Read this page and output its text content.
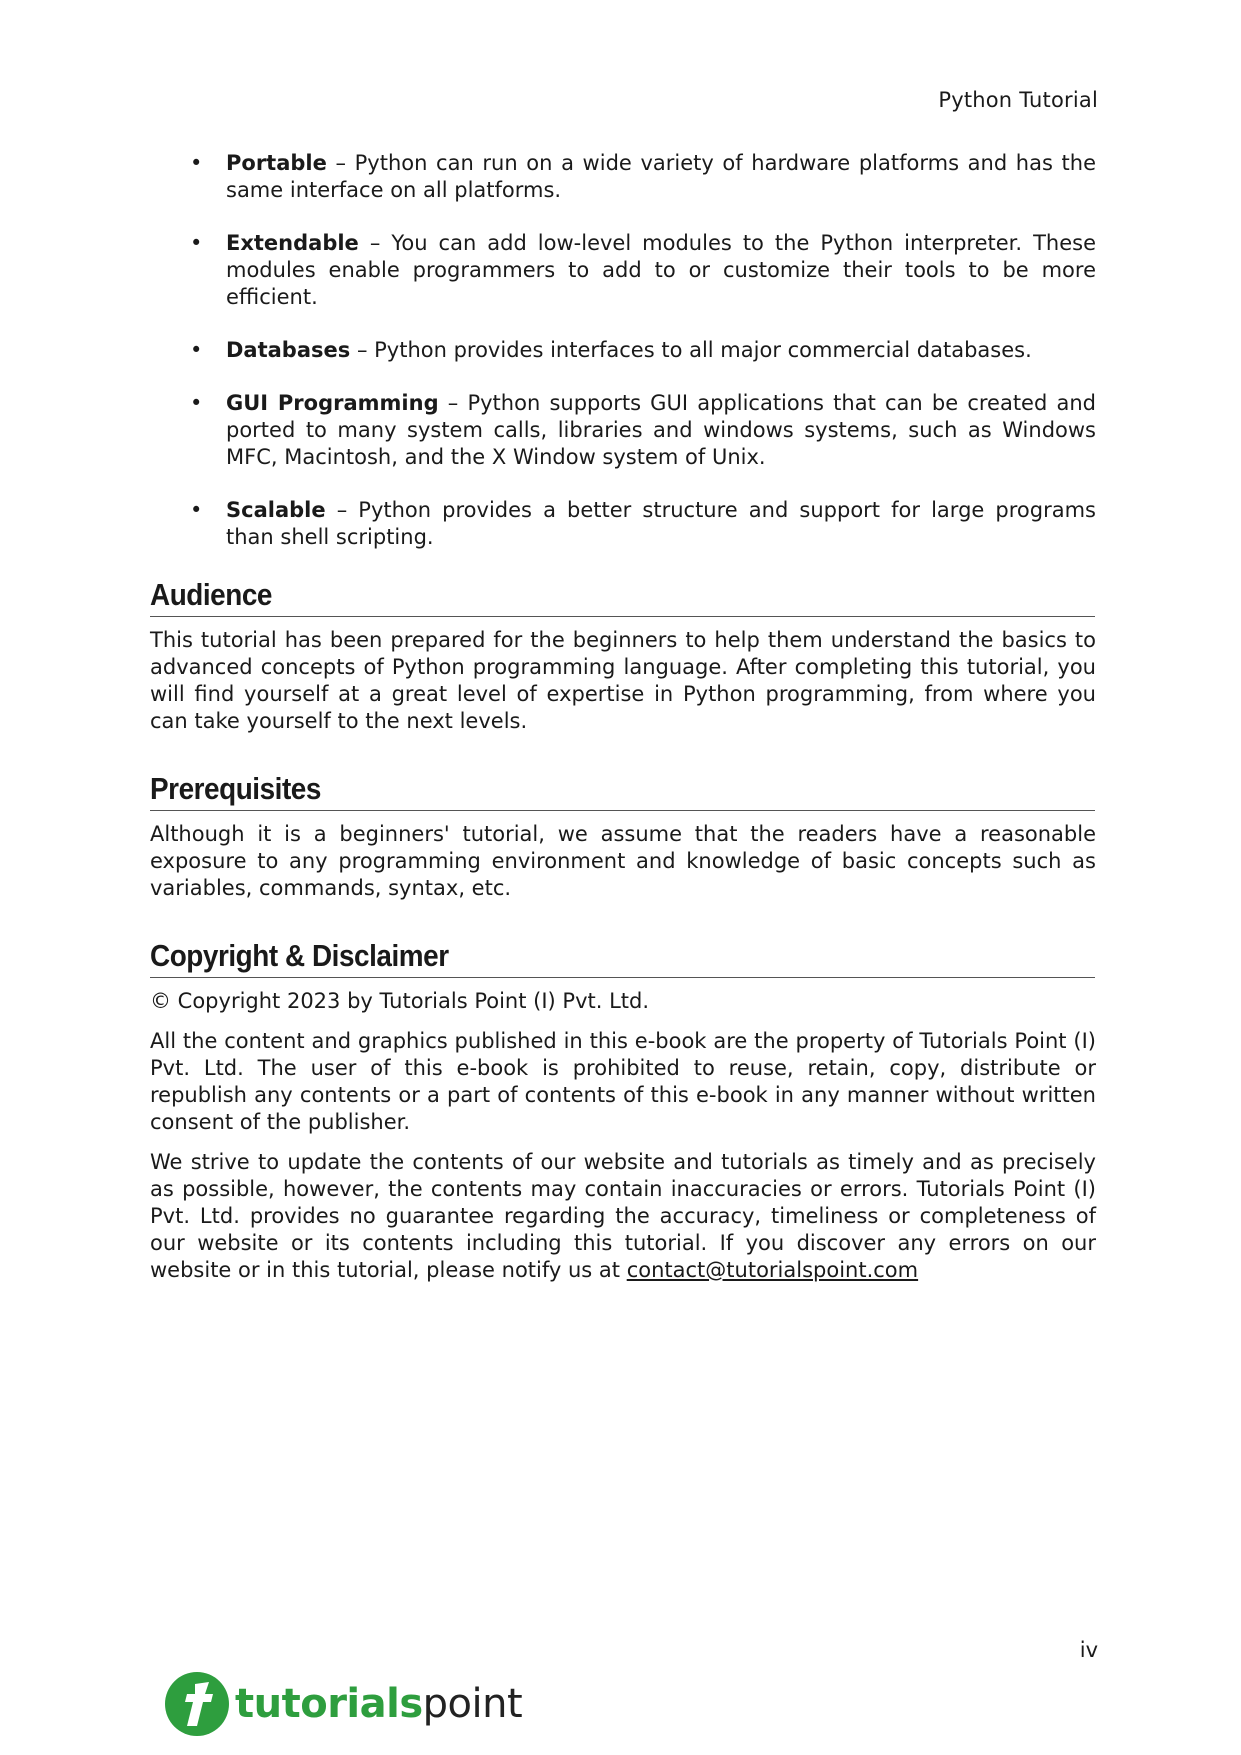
Python Tutorial
• Portable – Python can run on a wide variety of hardware platforms and has the same interface on all platforms.
• Extendable – You can add low-level modules to the Python interpreter. These modules enable programmers to add to or customize their tools to be more efficient.
• Databases – Python provides interfaces to all major commercial databases.
• GUI Programming – Python supports GUI applications that can be created and ported to many system calls, libraries and windows systems, such as Windows MFC, Macintosh, and the X Window system of Unix.
• Scalable – Python provides a better structure and support for large programs than shell scripting.
Audience

This tutorial has been prepared for the beginners to help them understand the basics to advanced concepts of Python programming language. After completing this tutorial, you will find yourself at a great level of expertise in Python programming, from where you can take yourself to the next levels.

Prerequisites

Although it is a beginners' tutorial, we assume that the readers have a reasonable exposure to any programming environment and knowledge of basic concepts such as variables, commands, syntax, etc.

Copyright & Disclaimer

© Copyright 2023 by Tutorials Point (I) Pvt. Ltd.

All the content and graphics published in this e-book are the property of Tutorials Point (I) Pvt. Ltd. The user of this e-book is prohibited to reuse, retain, copy, distribute or republish any contents or a part of contents of this e-book in any manner without written consent of the publisher.

We strive to update the contents of our website and tutorials as timely and as precisely as possible, however, the contents may contain inaccuracies or errors. Tutorials Point (I) Pvt. Ltd. provides no guarantee regarding the accuracy, timeliness or completeness of our website or its contents including this tutorial. If you discover any errors on our website or in this tutorial, please notify us at contact@tutorialspoint.com

iv
tutorialspoint
